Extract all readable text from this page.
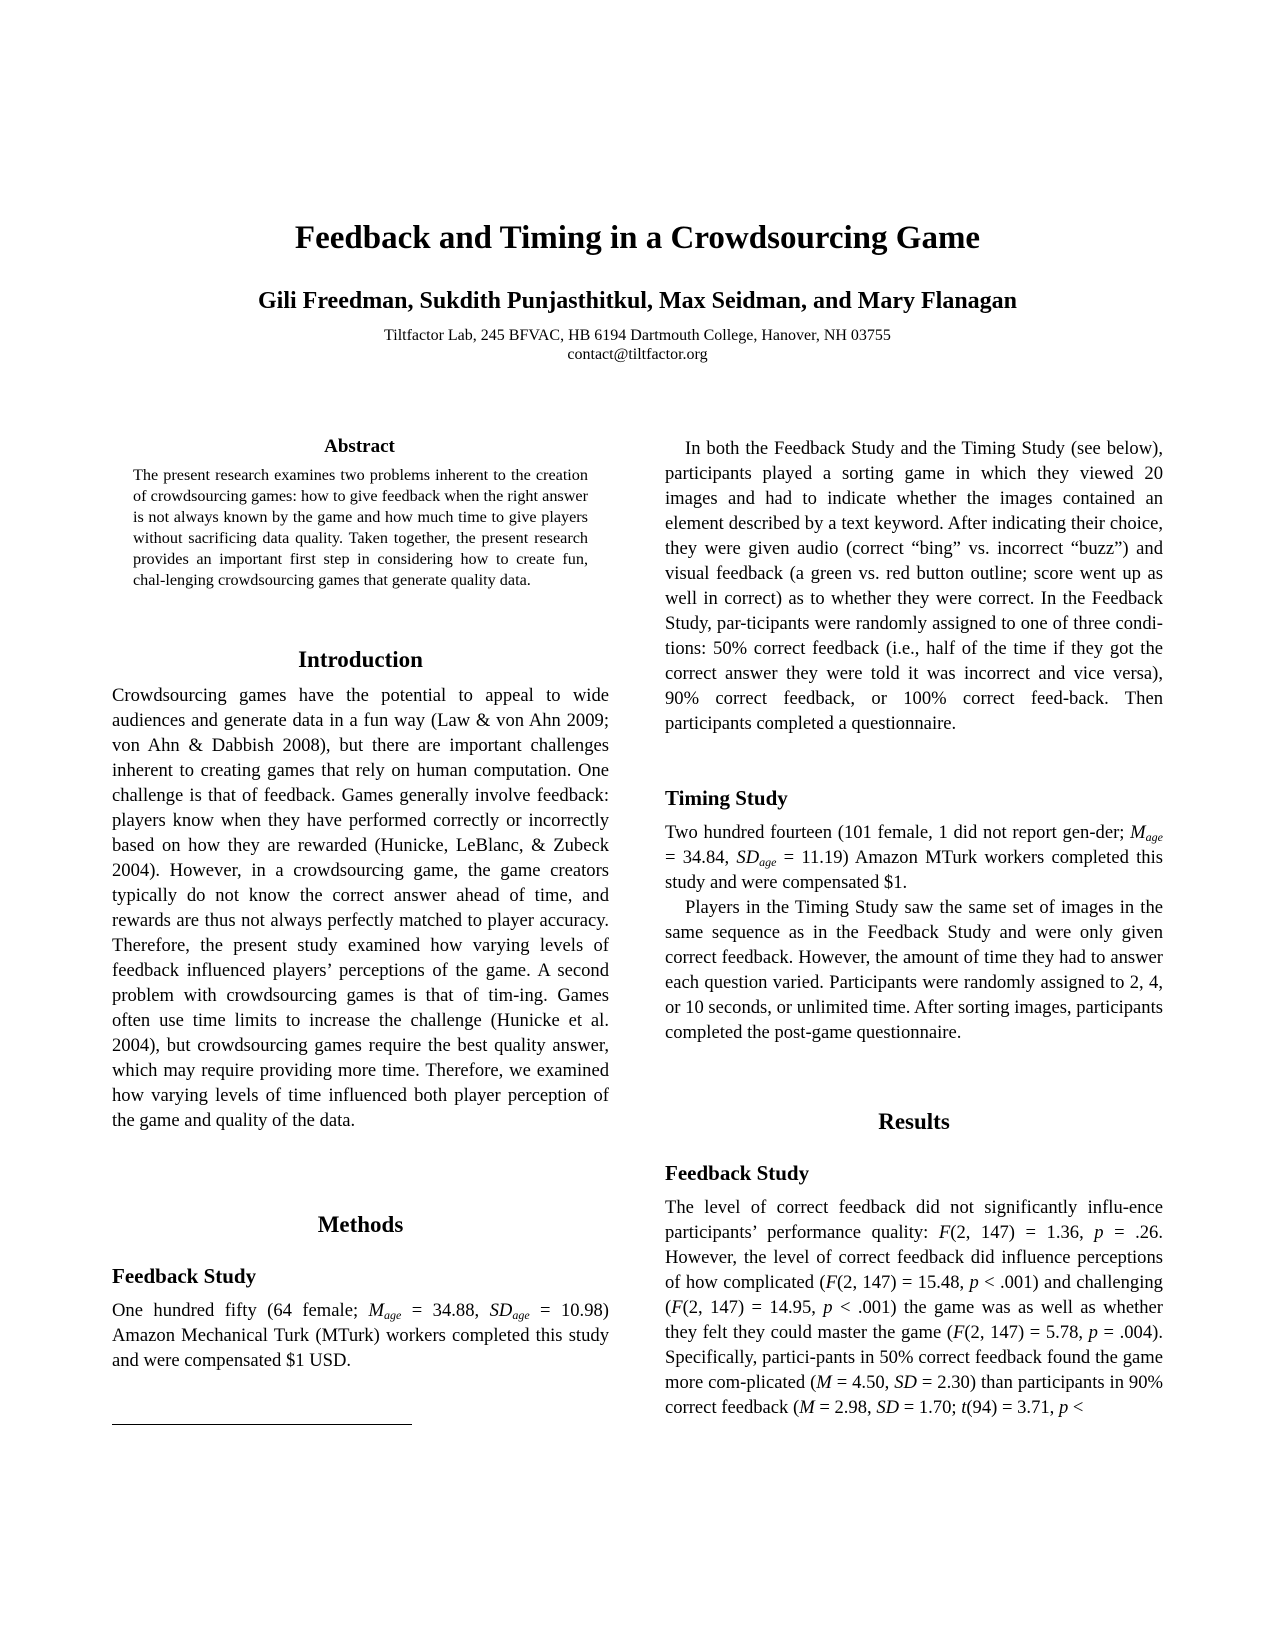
Feedback and Timing in a Crowdsourcing Game
Gili Freedman, Sukdith Punjasthitkul, Max Seidman, and Mary Flanagan
Tiltfactor Lab, 245 BFVAC, HB 6194 Dartmouth College, Hanover, NH 03755
contact@tiltfactor.org
Abstract
The present research examines two problems inherent to the creation of crowdsourcing games: how to give feedback when the right answer is not always known by the game and how much time to give players without sacrificing data quality. Taken together, the present research provides an important first step in considering how to create fun, chal-lenging crowdsourcing games that generate quality data.
Introduction

Crowdsourcing games have the potential to appeal to wide audiences and generate data in a fun way (Law & von Ahn 2009; von Ahn & Dabbish 2008), but there are important challenges inherent to creating games that rely on human computation. One challenge is that of feedback. Games generally involve feedback: players know when they have performed correctly or incorrectly based on how they are rewarded (Hunicke, LeBlanc, & Zubeck 2004). However, in a crowdsourcing game, the game creators typically do not know the correct answer ahead of time, and rewards are thus not always perfectly matched to player accuracy. Therefore, the present study examined how varying levels of feedback influenced players’ perceptions of the game. A second problem with crowdsourcing games is that of tim-ing. Games often use time limits to increase the challenge (Hunicke et al. 2004), but crowdsourcing games require the best quality answer, which may require providing more time. Therefore, we examined how varying levels of time influenced both player perception of the game and quality of the data.

Methods
Feedback Study

One hundred fifty (64 female; $M_{age} = 34.88$, $SD_{age} = 10.98$) Amazon Mechanical Turk (MTurk) workers completed this study and were compensated $1 USD.

In both the Feedback Study and the Timing Study (see below), participants played a sorting game in which they viewed 20 images and had to indicate whether the images contained an element described by a text keyword. After indicating their choice, they were given audio (correct “bing” vs. incorrect “buzz”) and visual feedback (a green vs. red button outline; score went up as well in correct) as to whether they were correct. In the Feedback Study, par-ticipants were randomly assigned to one of three condi-tions: 50% correct feedback (i.e., half of the time if they got the correct answer they were told it was incorrect and vice versa), 90% correct feedback, or 100% correct feed-back. Then participants completed a questionnaire.

Timing Study

Two hundred fourteen (101 female, 1 did not report gen-der; $M_{age} = 34.84$, $SD_{age} = 11.19$) Amazon MTurk workers completed this study and were compensated $1.

Players in the Timing Study saw the same set of images in the same sequence as in the Feedback Study and were only given correct feedback. However, the amount of time they had to answer each question varied. Participants were randomly assigned to 2, 4, or 10 seconds, or unlimited time. After sorting images, participants completed the post-game questionnaire.

Results
Feedback Study

The level of correct feedback did not significantly influ-ence participants’ performance quality: F(2, 147) = 1.36, p = .26. However, the level of correct feedback did influence perceptions of how complicated (F(2, 147) = 15.48, p < .001) and challenging (F(2, 147) = 14.95, p < .001) the game was as well as whether they felt they could master the game (F(2, 147) = 5.78, p = .004). Specifically, partici-pants in 50% correct feedback found the game more com-plicated (M = 4.50, SD = 2.30) than participants in 90% correct feedback (M = 2.98, SD = 1.70; t(94) = 3.71, p <
